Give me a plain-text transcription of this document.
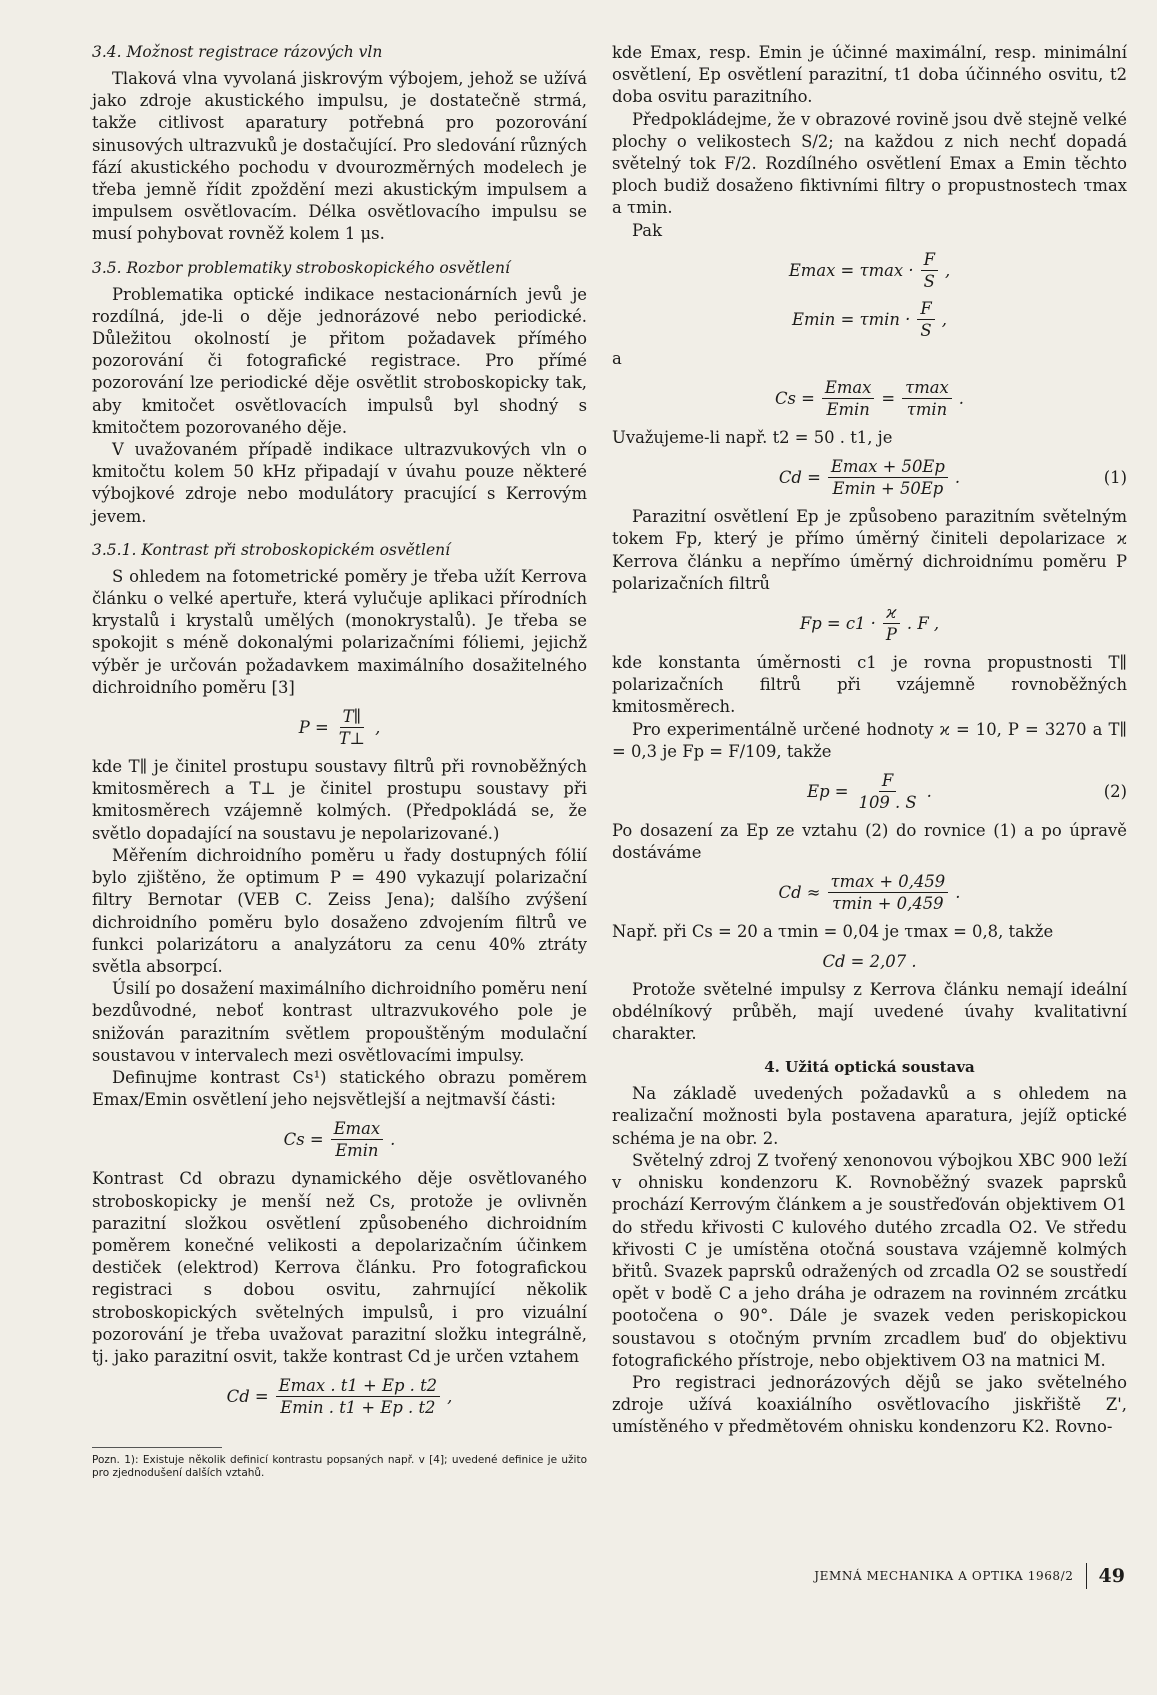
3.4. Možnost registrace rázových vln

Tlaková vlna vyvolaná jiskrovým výbojem, jehož se užívá jako zdroje akustického impulsu, je dostatečně strmá, takže citlivost aparatury potřebná pro pozorování sinusových ultrazvuků je dostačující. Pro sledování různých fází akustického pochodu v dvourozměrných modelech je třeba jemně řídit zpoždění mezi akustickým impulsem a impulsem osvětlovacím. Délka osvětlovacího impulsu se musí pohybovat rovněž kolem 1 μs.

3.5. Rozbor problematiky stroboskopického osvětlení

Problematika optické indikace nestacionárních jevů je rozdílná, jde-li o děje jednorázové nebo periodické. Důležitou okolností je přitom požadavek přímého pozorování či fotografické registrace. Pro přímé pozorování lze periodické děje osvětlit stroboskopicky tak, aby kmitočet osvětlovacích impulsů byl shodný s kmitočtem pozorovaného děje.

V uvažovaném případě indikace ultrazvukových vln o kmitočtu kolem 50 kHz připadají v úvahu pouze některé výbojkové zdroje nebo modulátory pracující s Kerrovým jevem.

3.5.1. Kontrast při stroboskopickém osvětlení

S ohledem na fotometrické poměry je třeba užít Kerrova článku o velké apertuře, která vylučuje aplikaci přírodních krystalů i krystalů umělých (monokrystalů). Je třeba se spokojit s méně dokonalými polarizačními fóliemi, jejichž výběr je určován požadavkem maximálního dosažitelného dichroidního poměru [3]

$P = \frac{T\parallel}{T\perp}$ ,

kde T∥ je činitel prostupu soustavy filtrů při rovnoběžných kmitosměrech a T⊥ je činitel prostupu soustavy při kmitosměrech vzájemně kolmých. (Předpokládá se, že světlo dopadající na soustavu je nepolarizované.)

Měřením dichroidního poměru u řady dostupných fólií bylo zjištěno, že optimum P = 490 vykazují polarizační filtry Bernotar (VEB C. Zeiss Jena); dalšího zvýšení dichroidního poměru bylo dosaženo zdvojením filtrů ve funkci polarizátoru a analyzátoru za cenu 40% ztráty světla absorpcí.

Úsilí po dosažení maximálního dichroidního poměru není bezdůvodné, neboť kontrast ultrazvukového pole je snižován parazitním světlem propouštěným modulační soustavou v intervalech mezi osvětlovacími impulsy.

Definujme kontrast Cs¹) statického obrazu poměrem Emax/Emin osvětlení jeho nejsvětlejší a nejtmavší části:

$Cs = \frac{Emax}{Emin}$ .

Kontrast Cd obrazu dynamického děje osvětlovaného stroboskopicky je menší než Cs, protože je ovlivněn parazitní složkou osvětlení způsobeného dichroidním poměrem konečné velikosti a depolarizačním účinkem destiček (elektrod) Kerrova článku. Pro fotografickou registraci s dobou osvitu, zahrnující několik stroboskopických světelných impulsů, i pro vizuální pozorování je třeba uvažovat parazitní složku integrálně, tj. jako parazitní osvit, takže kontrast Cd je určen vztahem

$Cd = \frac{Emax . t1 + Ep . t2}{Emin . t1 + Ep . t2}$ ,

Pozn. 1): Existuje několik definicí kontrastu popsaných např. v [4]; uvedené definice je užito pro zjednodušení dalších vztahů.

kde Emax, resp. Emin je účinné maximální, resp. minimální osvětlení, Ep osvětlení parazitní, t1 doba účinného osvitu, t2 doba osvitu parazitního.

Předpokládejme, že v obrazové rovině jsou dvě stejně velké plochy o velikostech S/2; na každou z nich nechť dopadá světelný tok F/2. Rozdílného osvětlení Emax a Emin těchto ploch budiž dosaženo fiktivními filtry o propustnostech τmax a τmin.

Pak

$Emax = \tau\max \cdot \frac{F}{S}$ ,
$Emin = \tau\min \cdot \frac{F}{S}$ ,

a

$Cs = \frac{Emax}{Emin} = \frac{\tau\max}{\tau\min}$ .

Uvažujeme-li např. t2 = 50 . t1, je

$Cd = \frac{Emax + 50Ep}{Emin + 50Ep}$ .	(1)

Parazitní osvětlení Ep je způsobeno parazitním světelným tokem Fp, který je přímo úměrný činiteli depolarizace ϰ Kerrova článku a nepřímo úměrný dichroidnímu poměru P polarizačních filtrů

$Fp = c1 \cdot \frac{ϰ}{P}$ . F ,

kde konstanta úměrnosti c1 je rovna propustnosti T∥ polarizačních filtrů při vzájemně rovnoběžných kmitosměrech.

Pro experimentálně určené hodnoty ϰ = 10, P = 3270 a T∥ = 0,3 je Fp = F/109, takže

$Ep = \frac{F}{109 . S}$ .	(2)

Po dosazení za Ep ze vztahu (2) do rovnice (1) a po úpravě dostáváme

$Cd \approx \frac{\tau\max + 0,459}{\tau\min + 0,459}$ .

Např. při Cs = 20 a τmin = 0,04 je τmax = 0,8, takže

Cd = 2,07 .

Protože světelné impulsy z Kerrova článku nemají ideální obdélníkový průběh, mají uvedené úvahy kvalitativní charakter.

4. Užitá optická soustava

Na základě uvedených požadavků a s ohledem na realizační možnosti byla postavena aparatura, jejíž optické schéma je na obr. 2.

Světelný zdroj Z tvořený xenonovou výbojkou XBC 900 leží v ohnisku kondenzoru K. Rovnoběžný svazek paprsků prochází Kerrovým článkem a je soustřeďován objektivem O1 do středu křivosti C kulového dutého zrcadla O2. Ve středu křivosti C je umístěna otočná soustava vzájemně kolmých břitů. Svazek paprsků odražených od zrcadla O2 se soustředí opět v bodě C a jeho dráha je odrazem na rovinném zrcátku pootočena o 90°. Dále je svazek veden periskopickou soustavou s otočným prvním zrcadlem buď do objektivu fotografického přístroje, nebo objektivem O3 na matnici M.

Pro registraci jednorázových dějů se jako světelného zdroje užívá koaxiálního osvětlovacího jiskřiště Z', umístěného v předmětovém ohnisku kondenzoru K2. Rovno-

JEMNÁ MECHANIKA A OPTIKA 1968/2 49
